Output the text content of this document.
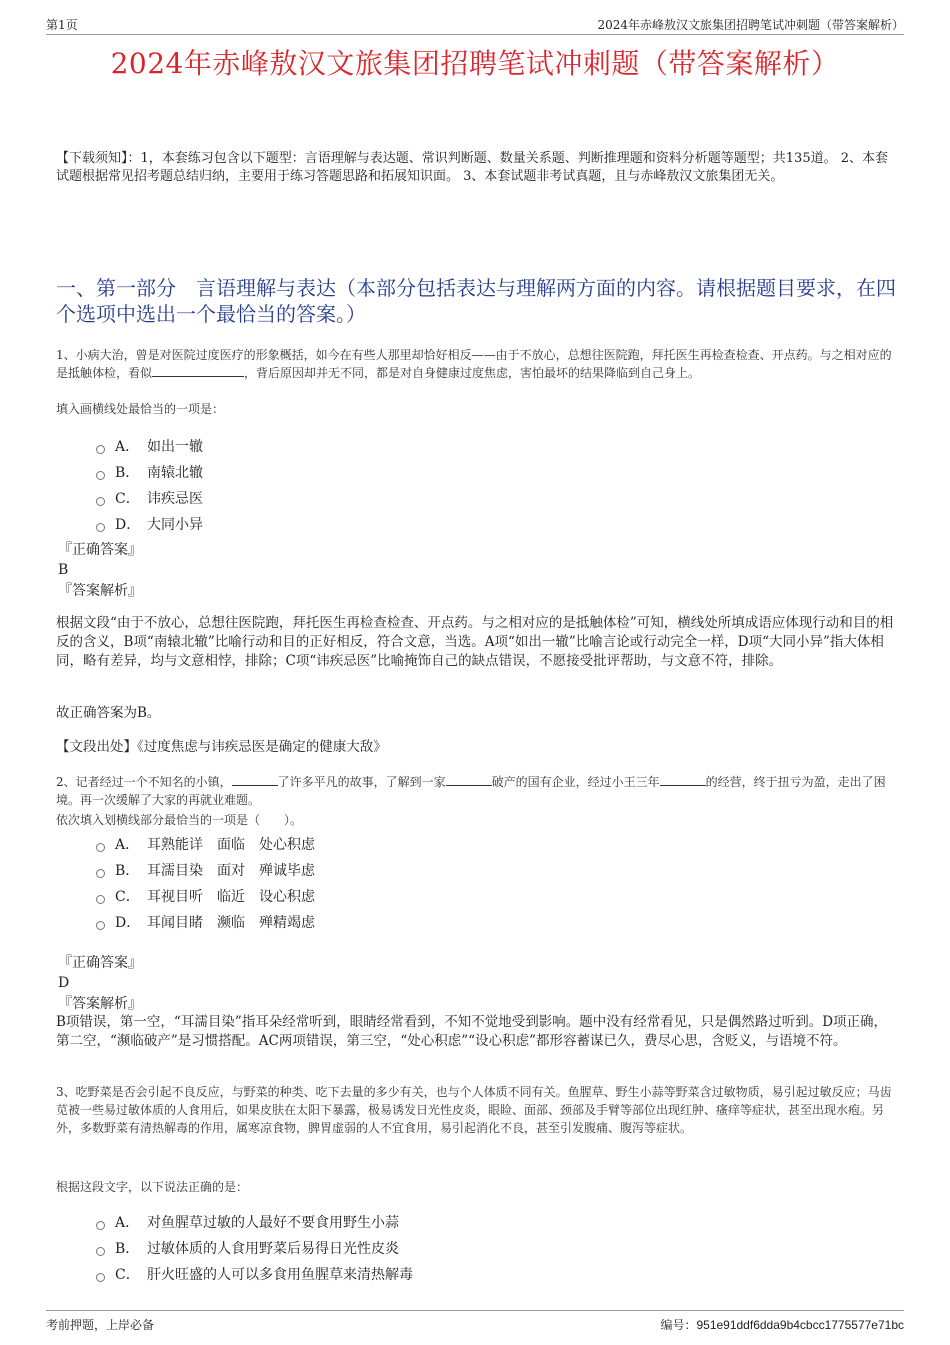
第1页	2024年赤峰敖汉文旅集团招聘笔试冲刺题（带答案解析）
2024年赤峰敖汉文旅集团招聘笔试冲刺题（带答案解析）
【下载须知】：1，本套练习包含以下题型：言语理解与表达题、常识判断题、数量关系题、判断推理题和资料分析题等题型；共135道。 2、本套试题根据常见招考题总结归纳，主要用于练习答题思路和拓展知识面。 3、本套试题非考试真题，且与赤峰敖汉文旅集团无关。
一、第一部分　言语理解与表达（本部分包括表达与理解两方面的内容。请根据题目要求，在四个选项中选出一个最恰当的答案。）
1、小病大治，曾是对医院过度医疗的形象概括，如今在有些人那里却恰好相反——由于不放心，总想往医院跑，拜托医生再检查检查、开点药。与之相对应的是抵触体检，看似	，背后原因却并无不同，都是对自身健康过度焦虑，害怕最坏的结果降临到自己身上。
填入画横线处最恰当的一项是：
A． 如出一辙
B． 南辕北辙
C． 讳疾忌医
D． 大同小异
『正确答案』
B
『答案解析』
根据文段“由于不放心，总想往医院跑，拜托医生再检查检查、开点药。与之相对应的是抵触体检”可知，横线处所填成语应体现行动和目的相反的含义，B项“南辕北辙”比喻行动和目的正好相反，符合文意，当选。A项“如出一辙”比喻言论或行动完全一样，D项“大同小异”指大体相同，略有差异，均与文意相悖，排除；C项“讳疾忌医”比喻掩饰自己的缺点错误，不愿接受批评帮助，与文意不符，排除。
故正确答案为B。
【文段出处】《过度焦虑与讳疾忌医是确定的健康大敌》
2、记者经过一个不知名的小镇，	了许多平凡的故事，了解到一家	破产的国有企业，经过小王三年	的经营，终于扭亏为盈，走出了困境。再一次缓解了大家的再就业难题。
依次填入划横线部分最恰当的一项是（　　）。
A． 耳熟能详　面临　处心积虑
B． 耳濡目染　面对　殚诚毕虑
C． 耳视目听　临近　设心积虑
D． 耳闻目睹　濒临　殚精竭虑
『正确答案』
D
『答案解析』
B项错误，第一空，“耳濡目染”指耳朵经常听到，眼睛经常看到，不知不觉地受到影响。题中没有经常看见，只是偶然路过听到。D项正确，第二空，“濒临破产”是习惯搭配。AC两项错误，第三空，“处心积虑”“设心积虑”都形容蓄谋已久，费尽心思，含贬义，与语境不符。
3、吃野菜是否会引起不良反应，与野菜的种类、吃下去量的多少有关，也与个人体质不同有关。鱼腥草、野生小蒜等野菜含过敏物质，易引起过敏反应；马齿苋被一些易过敏体质的人食用后，如果皮肤在太阳下暴露，极易诱发日光性皮炎，眼睑、面部、颈部及手臂等部位出现红肿、瘙痒等症状，甚至出现水疱。另外，多数野菜有清热解毒的作用，属寒凉食物，脾胃虚弱的人不宜食用，易引起消化不良，甚至引发腹痛、腹泻等症状。
根据这段文字，以下说法正确的是：
A． 对鱼腥草过敏的人最好不要食用野生小蒜
B． 过敏体质的人食用野菜后易得日光性皮炎
C． 肝火旺盛的人可以多食用鱼腥草来清热解毒
考前押题，上岸必备	编号：951e91ddf6dda9b4cbcc1775577e71bc
